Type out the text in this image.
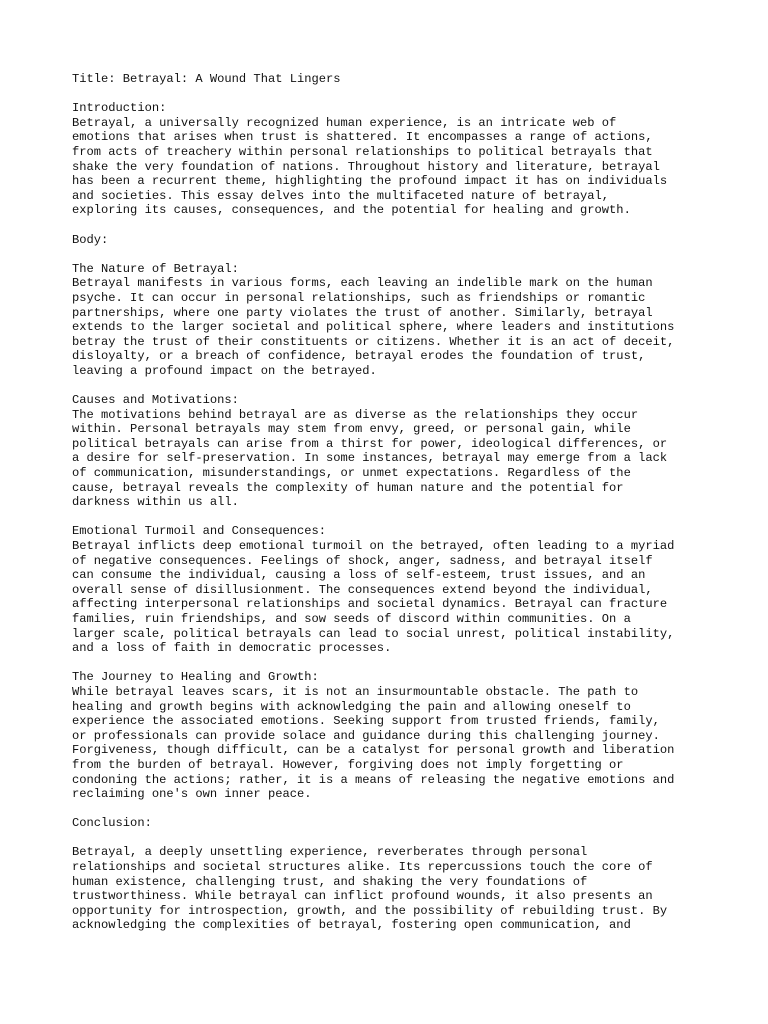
Title: Betrayal: A Wound That Lingers
Introduction:
Betrayal, a universally recognized human experience, is an intricate web of
emotions that arises when trust is shattered. It encompasses a range of actions,
from acts of treachery within personal relationships to political betrayals that
shake the very foundation of nations. Throughout history and literature, betrayal
has been a recurrent theme, highlighting the profound impact it has on individuals
and societies. This essay delves into the multifaceted nature of betrayal,
exploring its causes, consequences, and the potential for healing and growth.
Body:
The Nature of Betrayal:
Betrayal manifests in various forms, each leaving an indelible mark on the human
psyche. It can occur in personal relationships, such as friendships or romantic
partnerships, where one party violates the trust of another. Similarly, betrayal
extends to the larger societal and political sphere, where leaders and institutions
betray the trust of their constituents or citizens. Whether it is an act of deceit,
disloyalty, or a breach of confidence, betrayal erodes the foundation of trust,
leaving a profound impact on the betrayed.
Causes and Motivations:
The motivations behind betrayal are as diverse as the relationships they occur
within. Personal betrayals may stem from envy, greed, or personal gain, while
political betrayals can arise from a thirst for power, ideological differences, or
a desire for self-preservation. In some instances, betrayal may emerge from a lack
of communication, misunderstandings, or unmet expectations. Regardless of the
cause, betrayal reveals the complexity of human nature and the potential for
darkness within us all.
Emotional Turmoil and Consequences:
Betrayal inflicts deep emotional turmoil on the betrayed, often leading to a myriad
of negative consequences. Feelings of shock, anger, sadness, and betrayal itself
can consume the individual, causing a loss of self-esteem, trust issues, and an
overall sense of disillusionment. The consequences extend beyond the individual,
affecting interpersonal relationships and societal dynamics. Betrayal can fracture
families, ruin friendships, and sow seeds of discord within communities. On a
larger scale, political betrayals can lead to social unrest, political instability,
and a loss of faith in democratic processes.
The Journey to Healing and Growth:
While betrayal leaves scars, it is not an insurmountable obstacle. The path to
healing and growth begins with acknowledging the pain and allowing oneself to
experience the associated emotions. Seeking support from trusted friends, family,
or professionals can provide solace and guidance during this challenging journey.
Forgiveness, though difficult, can be a catalyst for personal growth and liberation
from the burden of betrayal. However, forgiving does not imply forgetting or
condoning the actions; rather, it is a means of releasing the negative emotions and
reclaiming one's own inner peace.
Conclusion:
Betrayal, a deeply unsettling experience, reverberates through personal
relationships and societal structures alike. Its repercussions touch the core of
human existence, challenging trust, and shaking the very foundations of
trustworthiness. While betrayal can inflict profound wounds, it also presents an
opportunity for introspection, growth, and the possibility of rebuilding trust. By
acknowledging the complexities of betrayal, fostering open communication, and
